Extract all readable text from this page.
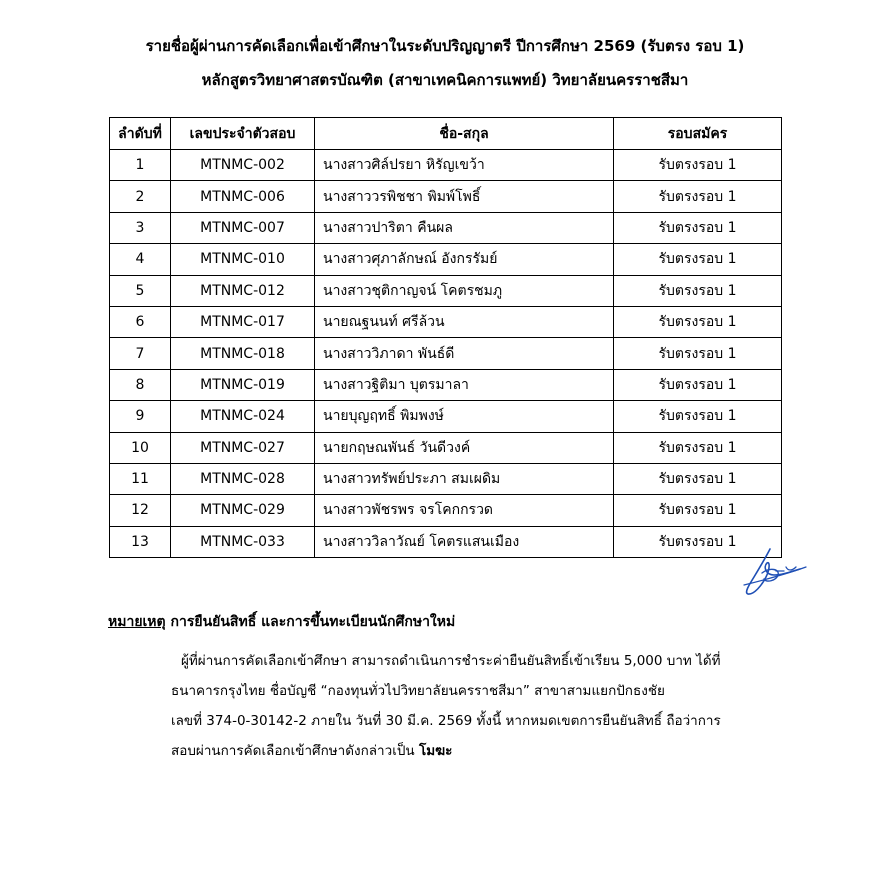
รายชื่อผู้ผ่านการคัดเลือกเพื่อเข้าศึกษาในระดับปริญญาตรี ปีการศึกษา 2569 (รับตรง รอบ 1)
หลักสูตรวิทยาศาสตรบัณฑิต (สาขาเทคนิคการแพทย์) วิทยาลัยนครราชสีมา
ลำดับที่	เลขประจำตัวสอบ	ชื่อ-สกุล	รอบสมัคร
1	MTNMC-002	นางสาวศิล์ปรยา หิรัญเขว้า	รับตรงรอบ 1
2	MTNMC-006	นางสาววรพิชชา พิมพ์โพธิ์	รับตรงรอบ 1
3	MTNMC-007	นางสาวปาริตา คืนผล	รับตรงรอบ 1
4	MTNMC-010	นางสาวศุภาลักษณ์ อังกรรัมย์	รับตรงรอบ 1
5	MTNMC-012	นางสาวชุติกาญจน์ โคตรชมภู	รับตรงรอบ 1
6	MTNMC-017	นายณฐนนท์ ศรีล้วน	รับตรงรอบ 1
7	MTNMC-018	นางสาววิภาดา พันธ์ดี	รับตรงรอบ 1
8	MTNMC-019	นางสาวฐิติมา บุตรมาลา	รับตรงรอบ 1
9	MTNMC-024	นายบุญฤทธิ์ พิมพงษ์	รับตรงรอบ 1
10	MTNMC-027	นายกฤษณพันธ์ วันดีวงค์	รับตรงรอบ 1
11	MTNMC-028	นางสาวทรัพย์ประภา สมเผดิม	รับตรงรอบ 1
12	MTNMC-029	นางสาวพัชรพร จรโคกกรวด	รับตรงรอบ 1
13	MTNMC-033	นางสาววิลาวัณย์ โคตรแสนเมือง	รับตรงรอบ 1
หมายเหตุ การยืนยันสิทธิ์ และการขึ้นทะเบียนนักศึกษาใหม่
ผู้ที่ผ่านการคัดเลือกเข้าศึกษา สามารถดำเนินการชำระค่ายืนยันสิทธิ์เข้าเรียน 5,000 บาท ได้ที่
ธนาคารกรุงไทย ชื่อบัญชี “กองทุนทั่วไปวิทยาลัยนครราชสีมา” สาขาสามแยกปักธงชัย
เลขที่ 374-0-30142-2 ภายใน วันที่ 30 มี.ค. 2569 ทั้งนี้ หากหมดเขตการยืนยันสิทธิ์ ถือว่าการ
สอบผ่านการคัดเลือกเข้าศึกษาดังกล่าวเป็น โมฆะ
